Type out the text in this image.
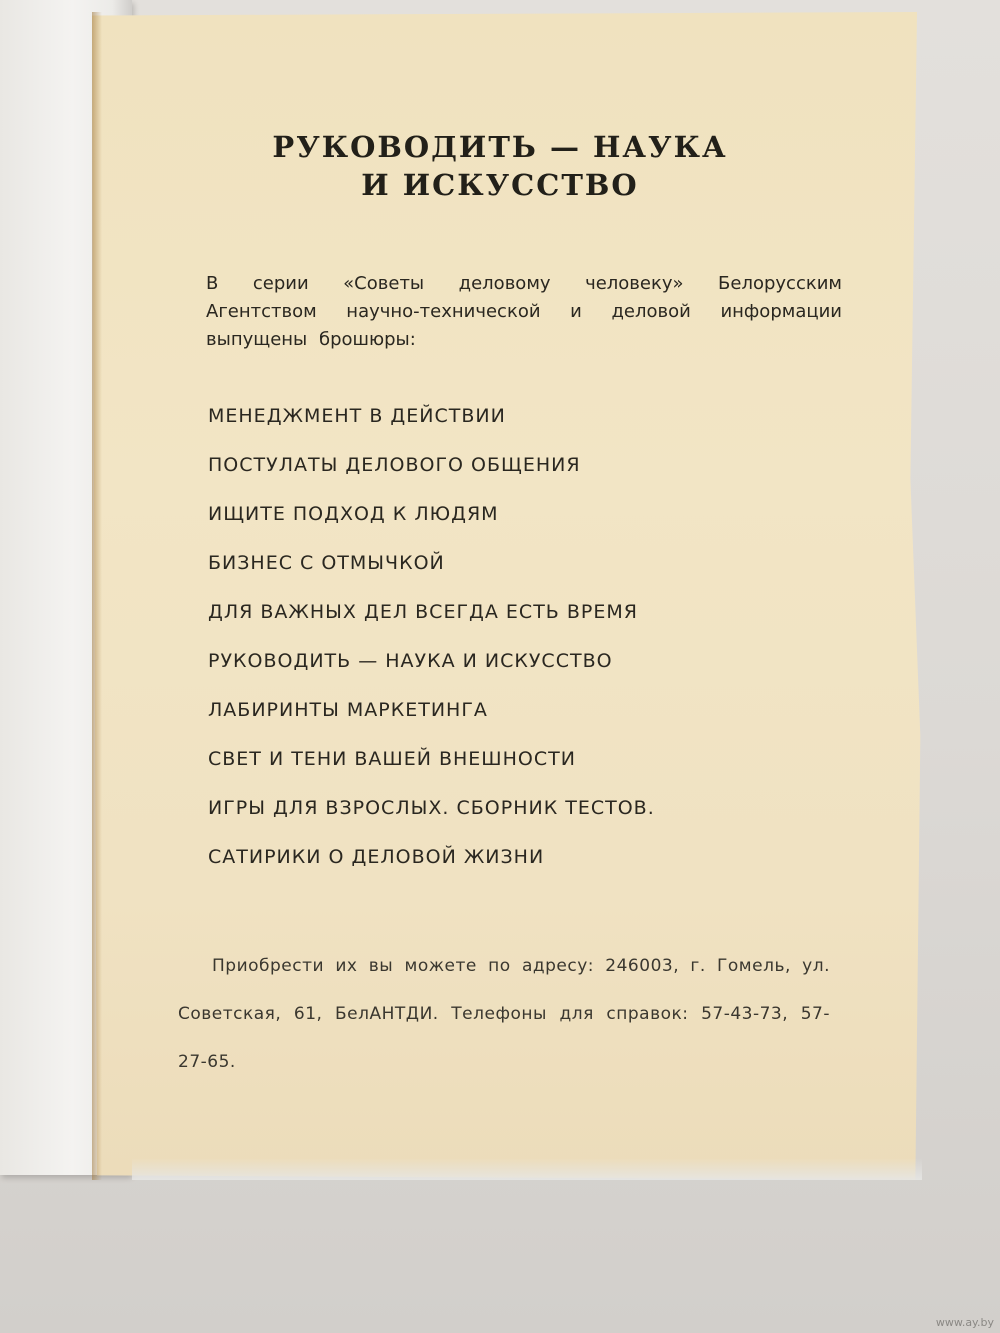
РУКОВОДИТЬ — НАУКА
И ИСКУССТВО

В серии «Советы деловому человеку» Белорусским Агентством научно-технической и деловой информации выпущены брошюры:

МЕНЕДЖМЕНТ В ДЕЙСТВИИ
ПОСТУЛАТЫ ДЕЛОВОГО ОБЩЕНИЯ
ИЩИТЕ ПОДХОД К ЛЮДЯМ
БИЗНЕС С ОТМЫЧКОЙ
ДЛЯ ВАЖНЫХ ДЕЛ ВСЕГДА ЕСТЬ ВРЕМЯ
РУКОВОДИТЬ — НАУКА И ИСКУССТВО
ЛАБИРИНТЫ МАРКЕТИНГА
СВЕТ И ТЕНИ ВАШЕЙ ВНЕШНОСТИ
ИГРЫ ДЛЯ ВЗРОСЛЫХ. СБОРНИК ТЕСТОВ.
САТИРИКИ О ДЕЛОВОЙ ЖИЗНИ

Приобрести их вы можете по адресу: 246003, г. Гомель, ул. Советская, 61, БелАНТДИ. Телефоны для справок: 57-43-73, 57-27-65.

www.ay.by
